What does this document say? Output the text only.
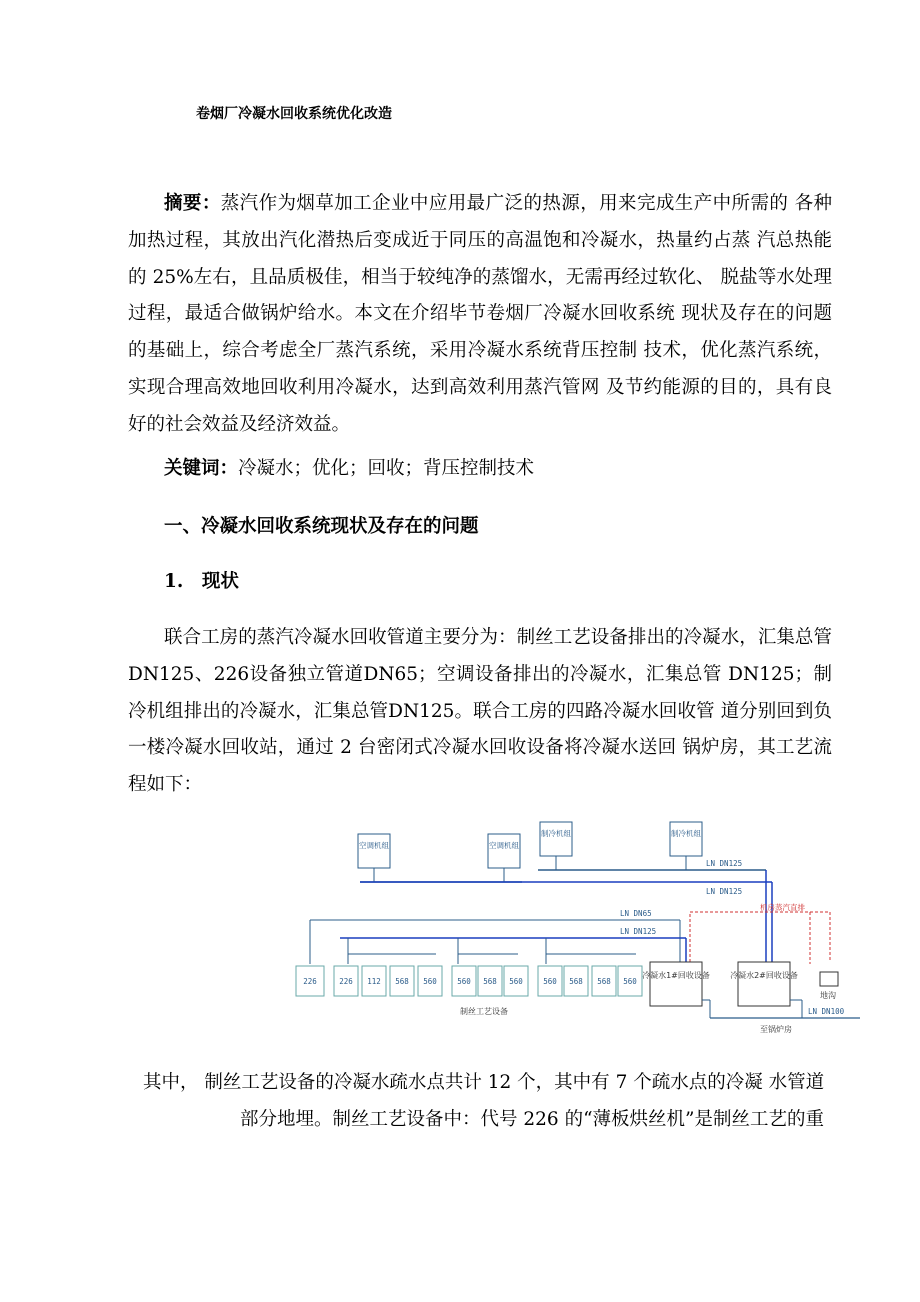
卷烟厂冷凝水回收系统优化改造

摘要：蒸汽作为烟草加工企业中应用最广泛的热源，用来完成生产中所需的 各种加热过程，其放出汽化潜热后变成近于同压的高温饱和冷凝水，热量约占蒸 汽总热能的 25%左右，且品质极佳，相当于较纯净的蒸馏水，无需再经过软化、 脱盐等水处理过程，最适合做锅炉给水。本文在介绍毕节卷烟厂冷凝水回收系统 现状及存在的问题的基础上，综合考虑全厂蒸汽系统，采用冷凝水系统背压控制 技术，优化蒸汽系统，实现合理高效地回收利用冷凝水，达到高效利用蒸汽管网 及节约能源的目的，具有良好的社会效益及经济效益。

关键词：冷凝水；优化；回收；背压控制技术

一、冷凝水回收系统现状及存在的问题
1.　现状

联合工房的蒸汽冷凝水回收管道主要分为：制丝工艺设备排出的冷凝水，汇集总管DN125、226设备独立管道DN65；空调设备排出的冷凝水，汇集总管 DN125；制冷机组排出的冷凝水，汇集总管DN125。联合工房的四路冷凝水回收管 道分别回到负一楼冷凝水回收站，通过 2 台密闭式冷凝水回收设备将冷凝水送回 锅炉房，其工艺流程如下：

空调机组	空调机组
制冷机组	制冷机组
LN DN125
LN DN125
机房蒸汽直排
LN DN65
LN DN125
226	226 112 568 560	560 568 560	560 568 568 560
制丝工艺设备
冷凝水1#回收设备	冷凝水2#回收设备
地沟
LN DN100
至锅炉房

其中， 制丝工艺设备的冷凝水疏水点共计 12 个，其中有 7 个疏水点的冷凝 水管道

部分地埋。制丝工艺设备中：代号 226 的“薄板烘丝机”是制丝工艺的重
